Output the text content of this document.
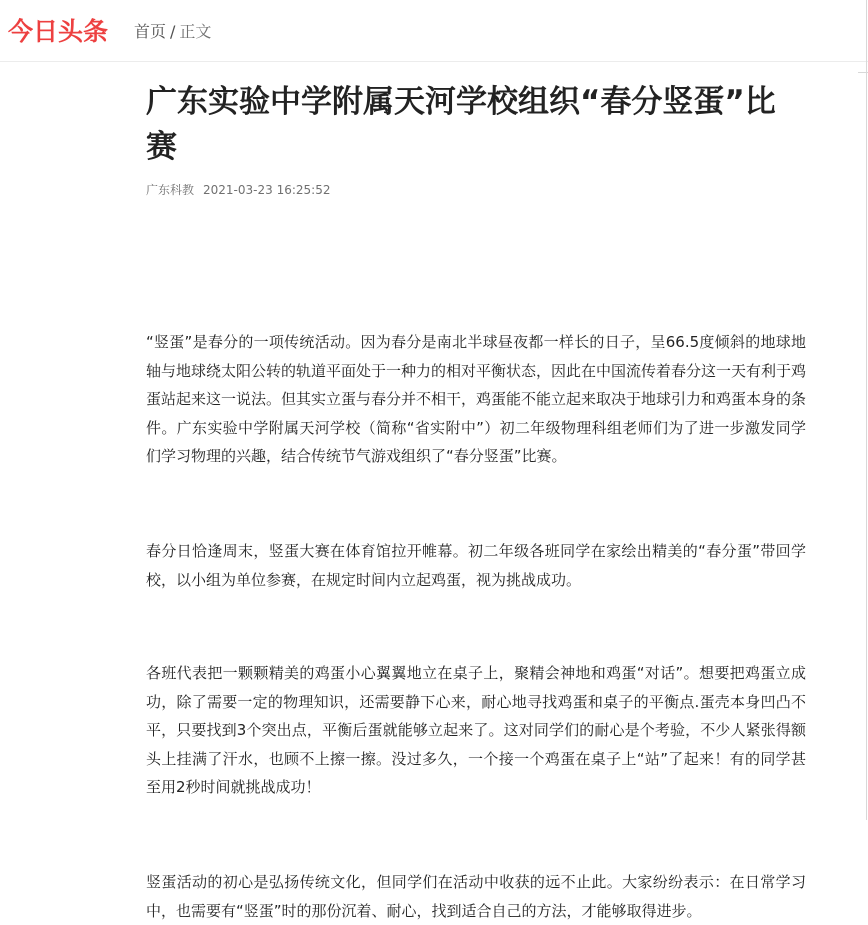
今日头条 首页 / 正文
广东实验中学附属天河学校组织“春分竖蛋”比赛
广东科教 2021-03-23 16:25:52

“竖蛋”是春分的一项传统活动。因为春分是南北半球昼夜都一样长的日子，呈66.5度倾斜的地球地轴与地球绕太阳公转的轨道平面处于一种力的相对平衡状态，因此在中国流传着春分这一天有利于鸡蛋站起来这一说法。但其实立蛋与春分并不相干，鸡蛋能不能立起来取决于地球引力和鸡蛋本身的条件。广东实验中学附属天河学校（简称“省实附中”）初二年级物理科组老师们为了进一步激发同学们学习物理的兴趣，结合传统节气游戏组织了“春分竖蛋”比赛。

春分日恰逢周末，竖蛋大赛在体育馆拉开帷幕。初二年级各班同学在家绘出精美的“春分蛋”带回学校，以小组为单位参赛，在规定时间内立起鸡蛋，视为挑战成功。

各班代表把一颗颗精美的鸡蛋小心翼翼地立在桌子上，聚精会神地和鸡蛋“对话”。想要把鸡蛋立成功，除了需要一定的物理知识，还需要静下心来，耐心地寻找鸡蛋和桌子的平衡点.蛋壳本身凹凸不平，只要找到3个突出点，平衡后蛋就能够立起来了。这对同学们的耐心是个考验，不少人紧张得额头上挂满了汗水，也顾不上擦一擦。没过多久，一个接一个鸡蛋在桌子上“站”了起来！有的同学甚至用2秒时间就挑战成功！

竖蛋活动的初心是弘扬传统文化，但同学们在活动中收获的远不止此。大家纷纷表示：在日常学习中，也需要有“竖蛋”时的那份沉着、耐心，找到适合自己的方法，才能够取得进步。
